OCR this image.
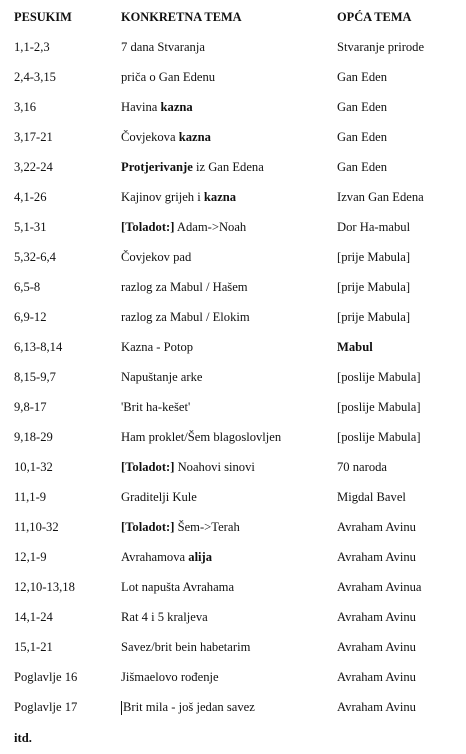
PESUKIM	KONKRETNA TEMA	OPĆA TEMA
1,1-2,3	7 dana Stvaranja	Stvaranje prirode
2,4-3,15	priča o Gan Edenu	Gan Eden
3,16	Havina kazna	Gan Eden
3,17-21	Čovjekova kazna	Gan Eden
3,22-24	Protjerivanje iz Gan Edena	Gan Eden
4,1-26	Kajinov grijeh i kazna	Izvan Gan Edena
5,1-31	[Toladot:] Adam->Noah	Dor Ha-mabul
5,32-6,4	Čovjekov pad	[prije Mabula]
6,5-8	razlog za Mabul / Hašem	[prije Mabula]
6,9-12	razlog za Mabul / Elokim	[prije Mabula]
6,13-8,14	Kazna - Potop	Mabul
8,15-9,7	Napuštanje arke	[poslije Mabula]
9,8-17	'Brit ha-kešet'	[poslije Mabula]
9,18-29	Ham proklet/Šem blagoslovljen	[poslije Mabula]
10,1-32	[Toladot:] Noahovi sinovi	70 naroda
11,1-9	Graditelji Kule	Migdal Bavel
11,10-32	[Toladot:] Šem->Terah	Avraham Avinu
12,1-9	Avrahamova alija	Avraham Avinu
12,10-13,18	Lot napušta Avrahama	Avraham Avinua
14,1-24	Rat 4 i 5 kraljeva	Avraham Avinu
15,1-21	Savez/brit bein habetarim	Avraham Avinu
Poglavlje 16	Jišmaelovo rođenje	Avraham Avinu
Poglavlje 17	Brit mila - još jedan savez	Avraham Avinu
itd.
